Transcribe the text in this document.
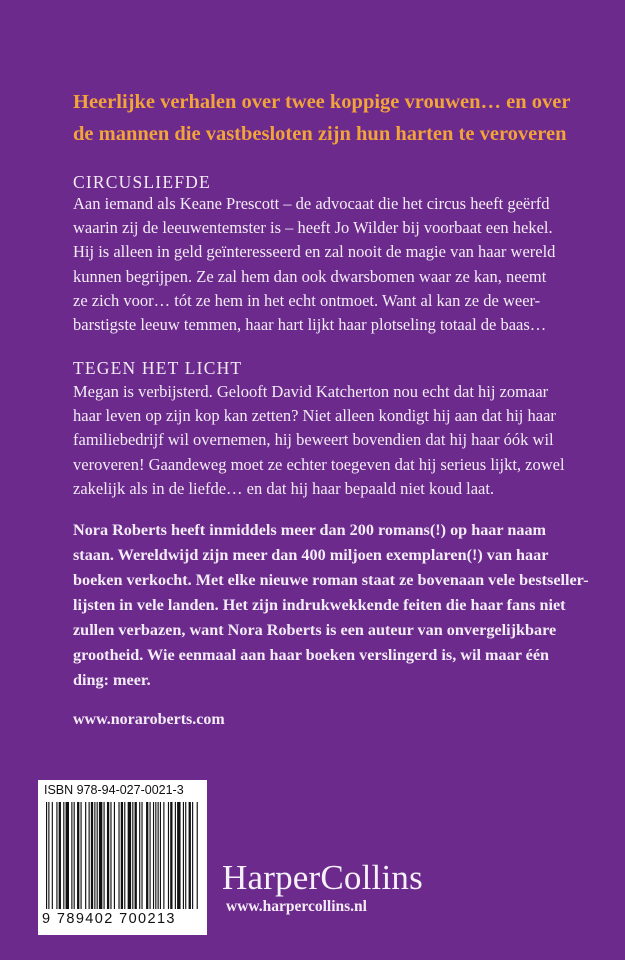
Heerlijke verhalen over twee koppige vrouwen… en over
de mannen die vastbesloten zijn hun harten te veroveren
CIRCUSLIEFDE
Aan iemand als Keane Prescott – de advocaat die het circus heeft geërfd
waarin zij de leeuwentemster is – heeft Jo Wilder bij voorbaat een hekel.
Hij is alleen in geld geïnteresseerd en zal nooit de magie van haar wereld
kunnen begrijpen. Ze zal hem dan ook dwarsbomen waar ze kan, neemt
ze zich voor… tót ze hem in het echt ontmoet. Want al kan ze de weer-
barstigste leeuw temmen, haar hart lijkt haar plotseling totaal de baas…
TEGEN HET LICHT
Megan is verbijsterd. Gelooft David Katcherton nou echt dat hij zomaar
haar leven op zijn kop kan zetten? Niet alleen kondigt hij aan dat hij haar
familiebedrijf wil overnemen, hij beweert bovendien dat hij haar óók wil
veroveren! Gaandeweg moet ze echter toegeven dat hij serieus lijkt, zowel
zakelijk als in de liefde… en dat hij haar bepaald niet koud laat.
Nora Roberts heeft inmiddels meer dan 200 romans(!) op haar naam
staan. Wereldwijd zijn meer dan 400 miljoen exemplaren(!) van haar
boeken verkocht. Met elke nieuwe roman staat ze bovenaan vele bestseller-
lijsten in vele landen. Het zijn indrukwekkende feiten die haar fans niet
zullen verbazen, want Nora Roberts is een auteur van onvergelijkbare
grootheid. Wie eenmaal aan haar boeken verslingerd is, wil maar één
ding: meer.
www.noraroberts.com
ISBN 978-94-027-0021-3
9 789402 700213
HarperCollins
www.harpercollins.nl
